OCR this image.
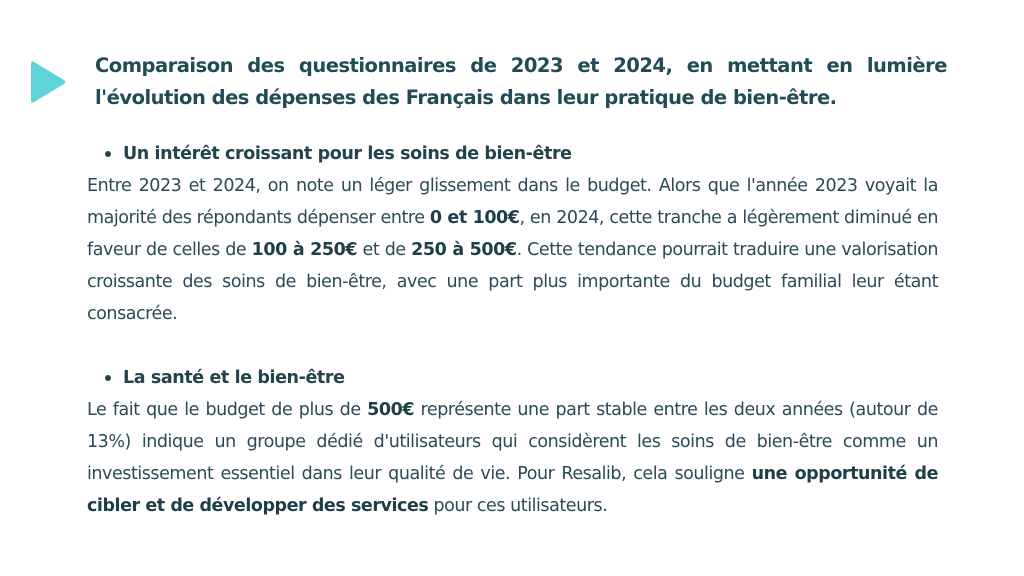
Comparaison des questionnaires de 2023 et 2024, en mettant en lumière l'évolution des dépenses des Français dans leur pratique de bien-être.
Un intérêt croissant pour les soins de bien-être

Entre 2023 et 2024, on note un léger glissement dans le budget. Alors que l'année 2023 voyait la majorité des répondants dépenser entre 0 et 100€, en 2024, cette tranche a légèrement diminué en faveur de celles de 100 à 250€ et de 250 à 500€. Cette tendance pourrait traduire une valorisation croissante des soins de bien-être, avec une part plus importante du budget familial leur étant consacrée.

La santé et le bien-être

Le fait que le budget de plus de 500€ représente une part stable entre les deux années (autour de 13%) indique un groupe dédié d'utilisateurs qui considèrent les soins de bien-être comme un investissement essentiel dans leur qualité de vie. Pour Resalib, cela souligne une opportunité de cibler et de développer des services pour ces utilisateurs.
